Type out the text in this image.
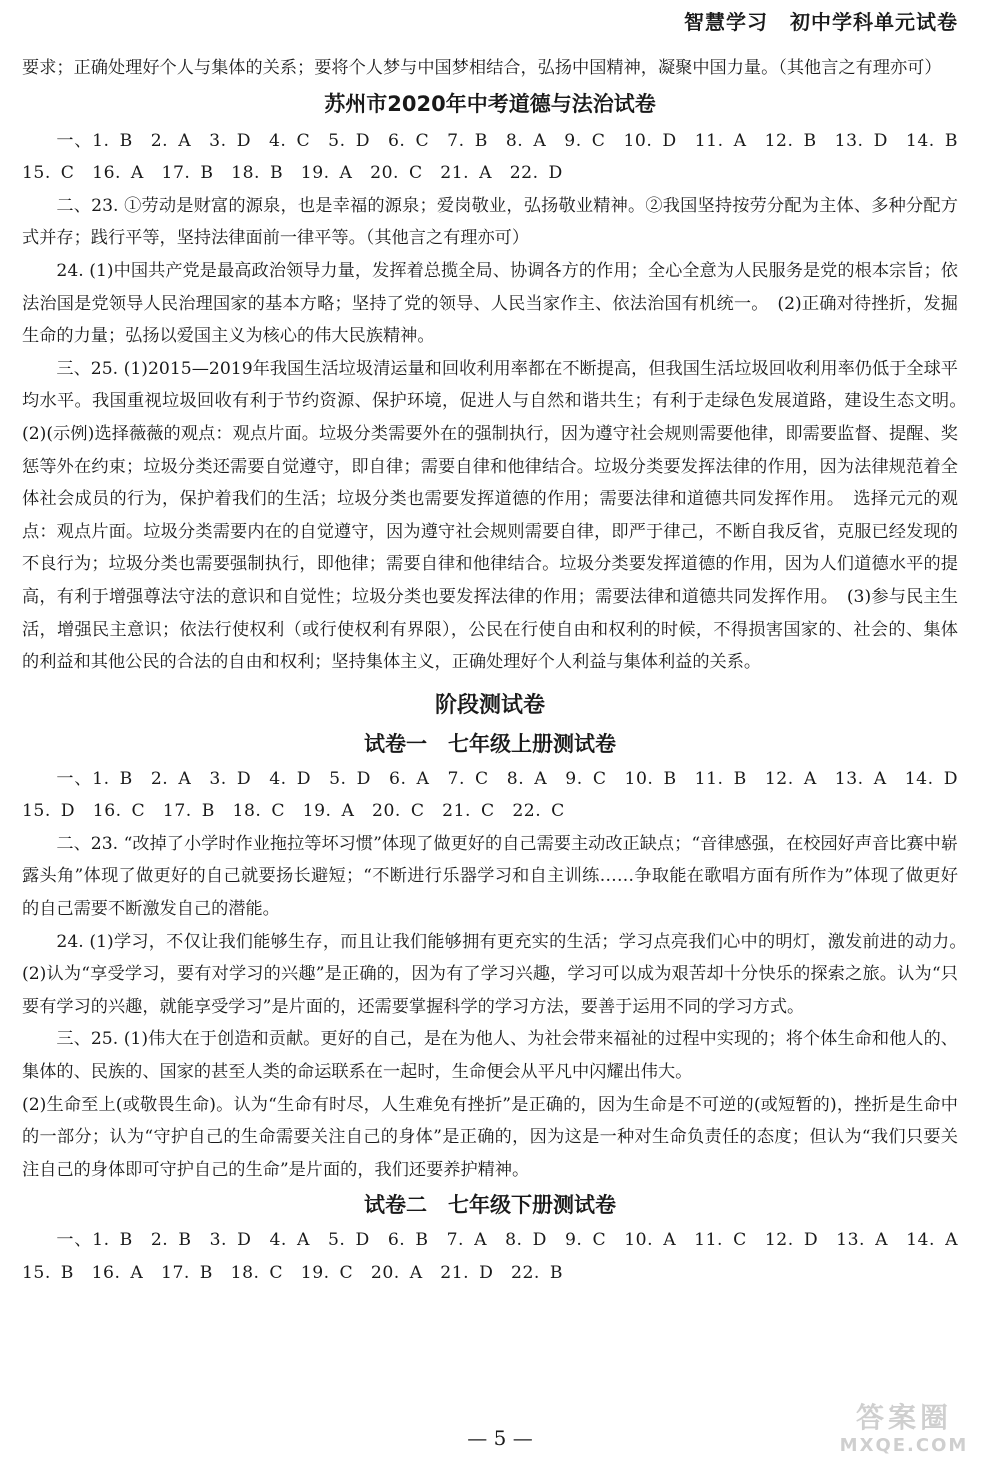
智慧学习 初中学科单元试卷

要求；正确处理好个人与集体的关系；要将个人梦与中国梦相结合，弘扬中国精神，凝聚中国力量。（其他言之有理亦可）

苏州市2020年中考道德与法治试卷

一、1. B　2. A　3. D　4. C　5. D　6. C　7. B　8. A　9. C　10. D　11. A　12. B　13. D　14. B　15. C　16. A　17. B　18. B　19. A　20. C　21. A　22. D

二、23. ①劳动是财富的源泉，也是幸福的源泉；爱岗敬业，弘扬敬业精神。②我国坚持按劳分配为主体、多种分配方式并存；践行平等，坚持法律面前一律平等。（其他言之有理亦可）

24. (1)中国共产党是最高政治领导力量，发挥着总揽全局、协调各方的作用；全心全意为人民服务是党的根本宗旨；依法治国是党领导人民治理国家的基本方略；坚持了党的领导、人民当家作主、依法治国有机统一。　(2)正确对待挫折，发掘生命的力量；弘扬以爱国主义为核心的伟大民族精神。

三、25. (1)2015—2019年我国生活垃圾清运量和回收利用率都在不断提高，但我国生活垃圾回收利用率仍低于全球平均水平。我国重视垃圾回收有利于节约资源、保护环境，促进人与自然和谐共生；有利于走绿色发展道路，建设生态文明。　(2)(示例)选择薇薇的观点：观点片面。垃圾分类需要外在的强制执行，因为遵守社会规则需要他律，即需要监督、提醒、奖惩等外在约束；垃圾分类还需要自觉遵守，即自律；需要自律和他律结合。垃圾分类要发挥法律的作用，因为法律规范着全体社会成员的行为，保护着我们的生活；垃圾分类也需要发挥道德的作用；需要法律和道德共同发挥作用。　选择元元的观点：观点片面。垃圾分类需要内在的自觉遵守，因为遵守社会规则需要自律，即严于律己，不断自我反省，克服已经发现的不良行为；垃圾分类也需要强制执行，即他律；需要自律和他律结合。垃圾分类要发挥道德的作用，因为人们道德水平的提高，有利于增强尊法守法的意识和自觉性；垃圾分类也要发挥法律的作用；需要法律和道德共同发挥作用。　(3)参与民主生活，增强民主意识；依法行使权利（或行使权利有界限），公民在行使自由和权利的时候，不得损害国家的、社会的、集体的利益和其他公民的合法的自由和权利；坚持集体主义，正确处理好个人利益与集体利益的关系。

阶段测试卷
试卷一　七年级上册测试卷

一、1. B　2. A　3. D　4. D　5. D　6. A　7. C　8. A　9. C　10. B　11. B　12. A　13. A　14. D　15. D　16. C　17. B　18. C　19. A　20. C　21. C　22. C

二、23. “改掉了小学时作业拖拉等坏习惯”体现了做更好的自己需要主动改正缺点；“音律感强，在校园好声音比赛中崭露头角”体现了做更好的自己就要扬长避短；“不断进行乐器学习和自主训练……争取能在歌唱方面有所作为”体现了做更好的自己需要不断激发自己的潜能。

24. (1)学习，不仅让我们能够生存，而且让我们能够拥有更充实的生活；学习点亮我们心中的明灯，激发前进的动力。　(2)认为“享受学习，要有对学习的兴趣”是正确的，因为有了学习兴趣，学习可以成为艰苦却十分快乐的探索之旅。认为“只要有学习的兴趣，就能享受学习”是片面的，还需要掌握科学的学习方法，要善于运用不同的学习方式。

三、25. (1)伟大在于创造和贡献。更好的自己，是在为他人、为社会带来福祉的过程中实现的；将个体生命和他人的、集体的、民族的、国家的甚至人类的命运联系在一起时，生命便会从平凡中闪耀出伟大。

(2)生命至上(或敬畏生命)。认为“生命有时尽，人生难免有挫折”是正确的，因为生命是不可逆的(或短暂的)，挫折是生命中的一部分；认为“守护自己的生命需要关注自己的身体”是正确的，因为这是一种对生命负责任的态度；但认为“我们只要关注自己的身体即可守护自己的生命”是片面的，我们还要养护精神。

试卷二　七年级下册测试卷

一、1. B　2. B　3. D　4. A　5. D　6. B　7. A　8. D　9. C　10. A　11. C　12. D　13. A　14. A　15. B　16. A　17. B　18. C　19. C　20. A　21. D　22. B

— 5 —
答案圈
MXQE.COM
